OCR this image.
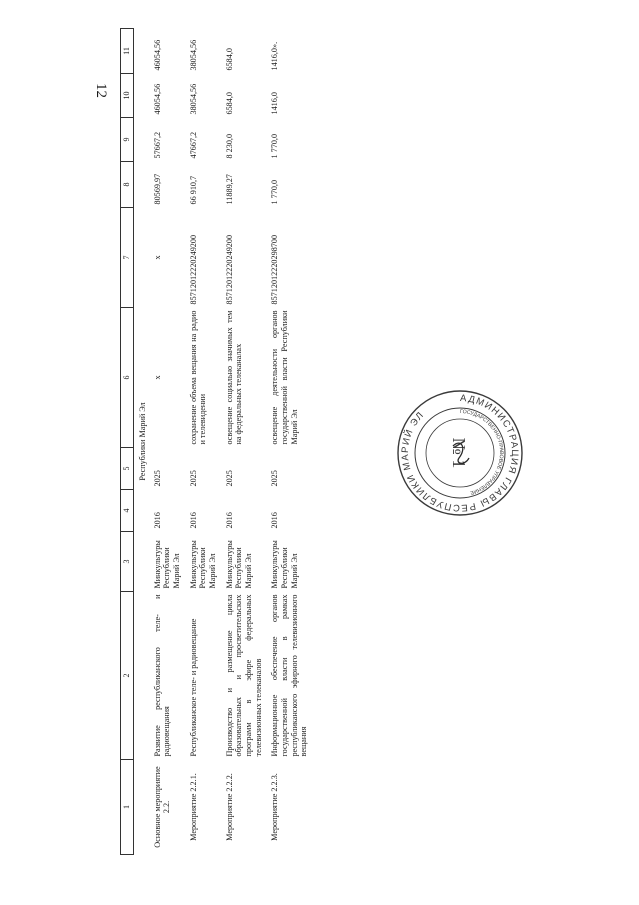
12
1	2	3	4	5	6	7	8	9	10	11
Республики Марий Эл										
Основное мероприятие 2.2.	Развитие республиканского теле- и радиовещания	Минкультуры Республики Марий Эл	2016	2025	х	х	80569,97	57667,2	46054,56	46054,56
Мероприятие 2.2.1.	Республиканское теле- и радиовещание	Минкультуры Республики Марий Эл	2016	2025	сохранение объема вещания на радио и телевидении	85712012220249200	66 910,7	47667,2	38054,56	38054,56
Мероприятие 2.2.2.	Производство и размещение цикла образовательных и просветительских программ в эфире федеральных телевизионных телеканалов	Минкультуры Республики Марий Эл	2016	2025	освещение социально значимых тем на федеральных телеканалах	85712012220249200	11889,27	8 230,0	6584,0	6584,0
Мероприятие 2.2.3.	Информационное обеспечение органов государственной власти в рамках республиканского эфирного телевизионного вещания	Минкультуры Республики Марий Эл	2016	2025	освещение деятельности органов государственной власти Республики Марий Эл	85712012220298700	1 770,0	1 770,0	1416,0	1416,0».
АДМИНИСТРАЦИЯ ГЛАВЫ РЕСПУБЛИКИ МАРИЙ ЭЛ	ГОСУДАРСТВЕННО-ПРАВОВОЕ УПРАВЛЕНИЕ
№ 1
